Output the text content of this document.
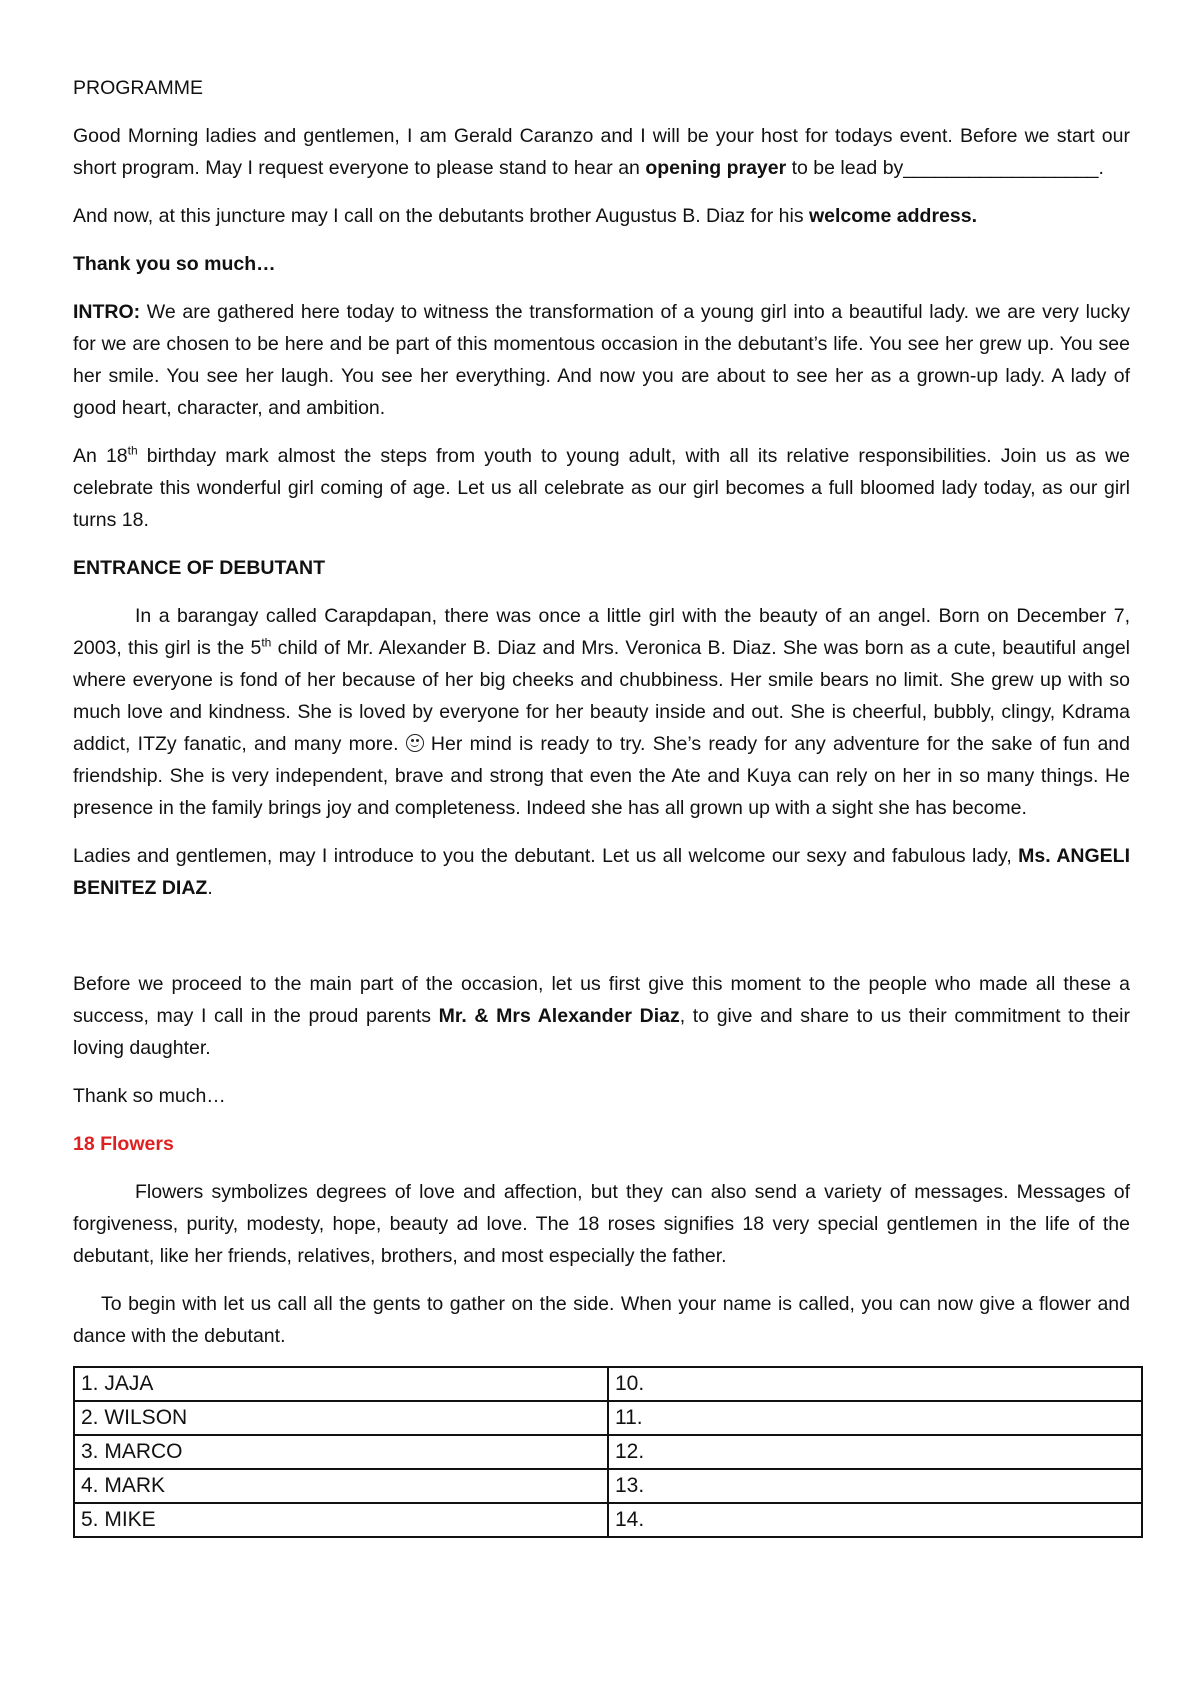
PROGRAMME

Good Morning ladies and gentlemen, I am Gerald Caranzo and I will be your host for todays event. Before we start our short program. May I request everyone to please stand to hear an opening prayer to be lead by__________________.

And now, at this juncture may I call on the debutants brother Augustus B. Diaz for his welcome address.

Thank you so much…

INTRO: We are gathered here today to witness the transformation of a young girl into a beautiful lady. we are very lucky for we are chosen to be here and be part of this momentous occasion in the debutant’s life. You see her grew up. You see her smile. You see her laugh. You see her everything. And now you are about to see her as a grown-up lady. A lady of good heart, character, and ambition.

An 18th birthday mark almost the steps from youth to young adult, with all its relative responsibilities. Join us as we celebrate this wonderful girl coming of age. Let us all celebrate as our girl becomes a full bloomed lady today, as our girl turns 18.

ENTRANCE OF DEBUTANT

In a barangay called Carapdapan, there was once a little girl with the beauty of an angel. Born on December 7, 2003, this girl is the 5th child of Mr. Alexander B. Diaz and Mrs. Veronica B. Diaz. She was born as a cute, beautiful angel where everyone is fond of her because of her big cheeks and chubbiness. Her smile bears no limit. She grew up with so much love and kindness. She is loved by everyone for her beauty inside and out. She is cheerful, bubbly, clingy, Kdrama addict, ITZy fanatic, and many more.
Her mind is ready to try. She’s ready for any adventure for the sake of fun and friendship. She is very independent, brave and strong that even the Ate and Kuya can rely on her in so many things. He presence in the family brings joy and completeness. Indeed she has all grown up with a sight she has become.

Ladies and gentlemen, may I introduce to you the debutant. Let us all welcome our sexy and fabulous lady, Ms. ANGELI BENITEZ DIAZ.

Before we proceed to the main part of the occasion, let us first give this moment to the people who made all these a success, may I call in the proud parents Mr. & Mrs Alexander Diaz, to give and share to us their commitment to their loving daughter.

Thank so much…

18 Flowers

Flowers symbolizes degrees of love and affection, but they can also send a variety of messages. Messages of forgiveness, purity, modesty, hope, beauty ad love. The 18 roses signifies 18 very special gentlemen in the life of the debutant, like her friends, relatives, brothers, and most especially the father.

To begin with let us call all the gents to gather on the side. When your name is called, you can now give a flower and dance with the debutant.

1. JAJA	10.
2. WILSON	11.
3. MARCO	12.
4. MARK	13.
5. MIKE	14.
